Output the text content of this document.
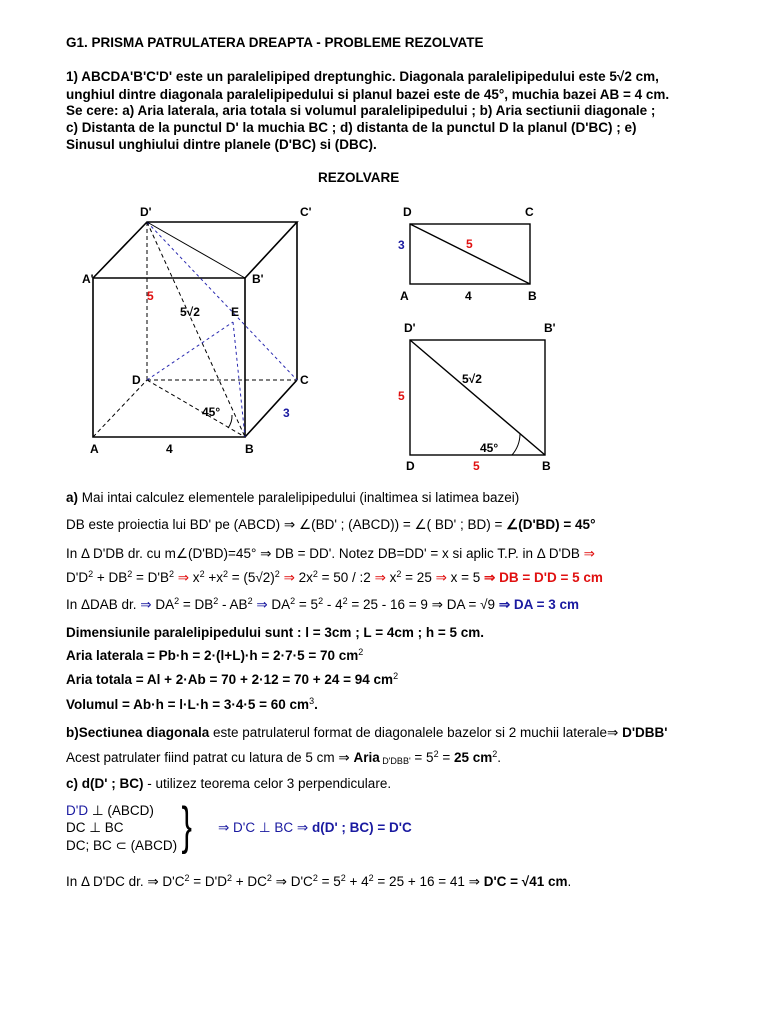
G1. PRISMA PATRULATERA DREAPTA - PROBLEME REZOLVATE
1) ABCDA'B'C'D' este un paralelipiped dreptunghic. Diagonala paralelipipedului este 5√2 cm,
unghiul dintre diagonala paralelipipedului si planul bazei este de 45°, muchia bazei AB = 4 cm.
Se cere: a) Aria laterala, aria totala si volumul paralelipipedului ; b) Aria sectiunii diagonale ;
c) Distanta de la punctul D' la muchia BC ; d) distanta de la punctul D la planul (D'BC) ; e)
Sinusul unghiului dintre planele (D'BC) si (DBC).
REZOLVARE
D'	C'
A'	B'
A	B
C
D
E
5
5√2
45°
4
3
D	C
A	B
3	5
4
D'	B'
D	B
5
5√2
45°
5
a) Mai intai calculez elementele paralelipipedului (inaltimea si latimea bazei)
DB este proiectia lui BD' pe (ABCD) ⇒ ∠(BD' ; (ABCD)) = ∠( BD' ; BD) = ∠(D'BD) = 45°
In Δ D'DB dr. cu m∠(D'BD)=45° ⇒ DB = DD'. Notez DB=DD' = x si aplic T.P. in Δ D'DB ⇒
$D'D^2 + DB^2 = D'B^2$ ⇒ $x^2 +x^2 = (5√2)^2$ ⇒ $2x^2 = 50$ / :2 ⇒ $x^2 = 25$ ⇒ x = 5 ⇒ DB = D'D = 5 cm
In ΔDAB dr. ⇒ $DA^2 = DB^2 - AB^2$ ⇒ $DA^2 = 5^2 - 4^2 = 25 - 16 = 9$ ⇒ DA = √9 ⇒ DA = 3 cm
Dimensiunile paralelipipedului sunt : l = 3cm ; L = 4cm ; h = 5 cm.
Aria laterala = Pb·h = 2·(l+L)·h = 2·7·5 = 70 $cm^2$
Aria totala = Al + 2·Ab = 70 + 2·12 = 70 + 24 = 94 $cm^2$
Volumul = Ab·h = l·L·h = 3·4·5 = 60 $cm^3$.
b)Sectiunea diagonala este patrulaterul format de diagonalele bazelor si 2 muchii laterale⇒ D'DBB'
Acest patrulater fiind patrat cu latura de 5 cm ⇒ Aria $_{D'DBB'} = 5^2 = 25$ $cm^2$.
c) d(D' ; BC) - utilizez teorema celor 3 perpendiculare.
D'D ⊥ (ABCD)
DC ⊥ BC
DC; BC ⊂ (ABCD)
⇒ D'C ⊥ BC ⇒ d(D' ; BC) = D'C
In Δ D'DC dr. ⇒ $D'C^2 = D'D^2 + DC^2$ ⇒ $D'C^2 = 5^2 + 4^2 = 25 + 16 = 41$ ⇒ D'C = √41 cm.
}
